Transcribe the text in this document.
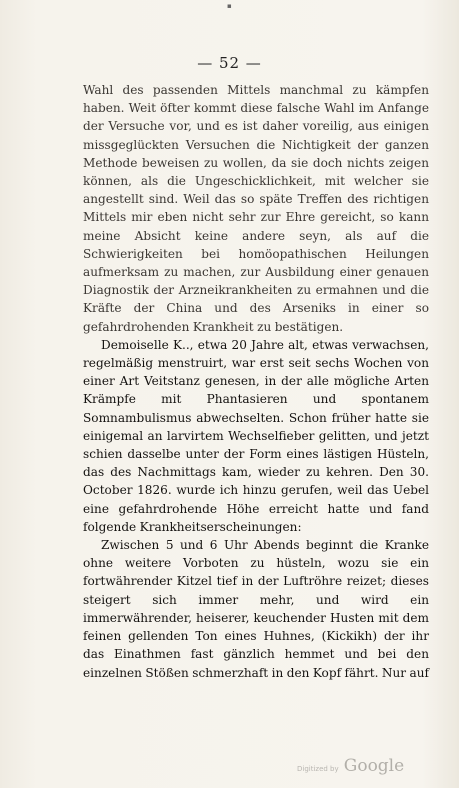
▪
— 52 —

Wahl des passenden Mittels manchmal zu kämpfen haben. Weit öfter kommt diese falsche Wahl im Anfange der Versuche vor, und es ist daher voreilig, aus einigen missgeglückten Versuchen die Nichtigkeit der ganzen Methode beweisen zu wollen, da sie doch nichts zeigen können, als die Ungeschicklichkeit, mit welcher sie angestellt sind. Weil das so späte Treffen des richtigen Mittels mir eben nicht sehr zur Ehre gereicht, so kann meine Absicht keine andere seyn, als auf die Schwierigkeiten bei homöopathischen Heilungen aufmerksam zu machen, zur Ausbildung einer genauen Diagnostik der Arzneikrankheiten zu ermahnen und die Kräfte der China und des Arseniks in einer so gefahrdrohenden Krankheit zu bestätigen.

Demoiselle K.., etwa 20 Jahre alt, etwas verwachsen, regelmäßig menstruirt, war erst seit sechs Wochen von einer Art Veitstanz genesen, in der alle mögliche Arten Krämpfe mit Phantasieren und spontanem Somnambulismus abwechselten. Schon früher hatte sie einigemal an larvirtem Wechselfieber gelitten, und jetzt schien dasselbe unter der Form eines lästigen Hüsteln, das des Nachmittags kam, wieder zu kehren. Den 30. October 1826. wurde ich hinzu gerufen, weil das Uebel eine gefahrdrohende Höhe erreicht hatte und fand folgende Krankheitserscheinungen:

Zwischen 5 und 6 Uhr Abends beginnt die Kranke ohne weitere Vorboten zu hüsteln, wozu sie ein fortwährender Kitzel tief in der Luftröhre reizet; dieses steigert sich immer mehr, und wird ein immerwährender, heiserer, keuchender Husten mit dem feinen gellenden Ton eines Huhnes, (Kickikh) der ihr das Einathmen fast gänzlich hemmet und bei den einzelnen Stößen schmerzhaft in den Kopf fährt. Nur auf

Digitized by Google
